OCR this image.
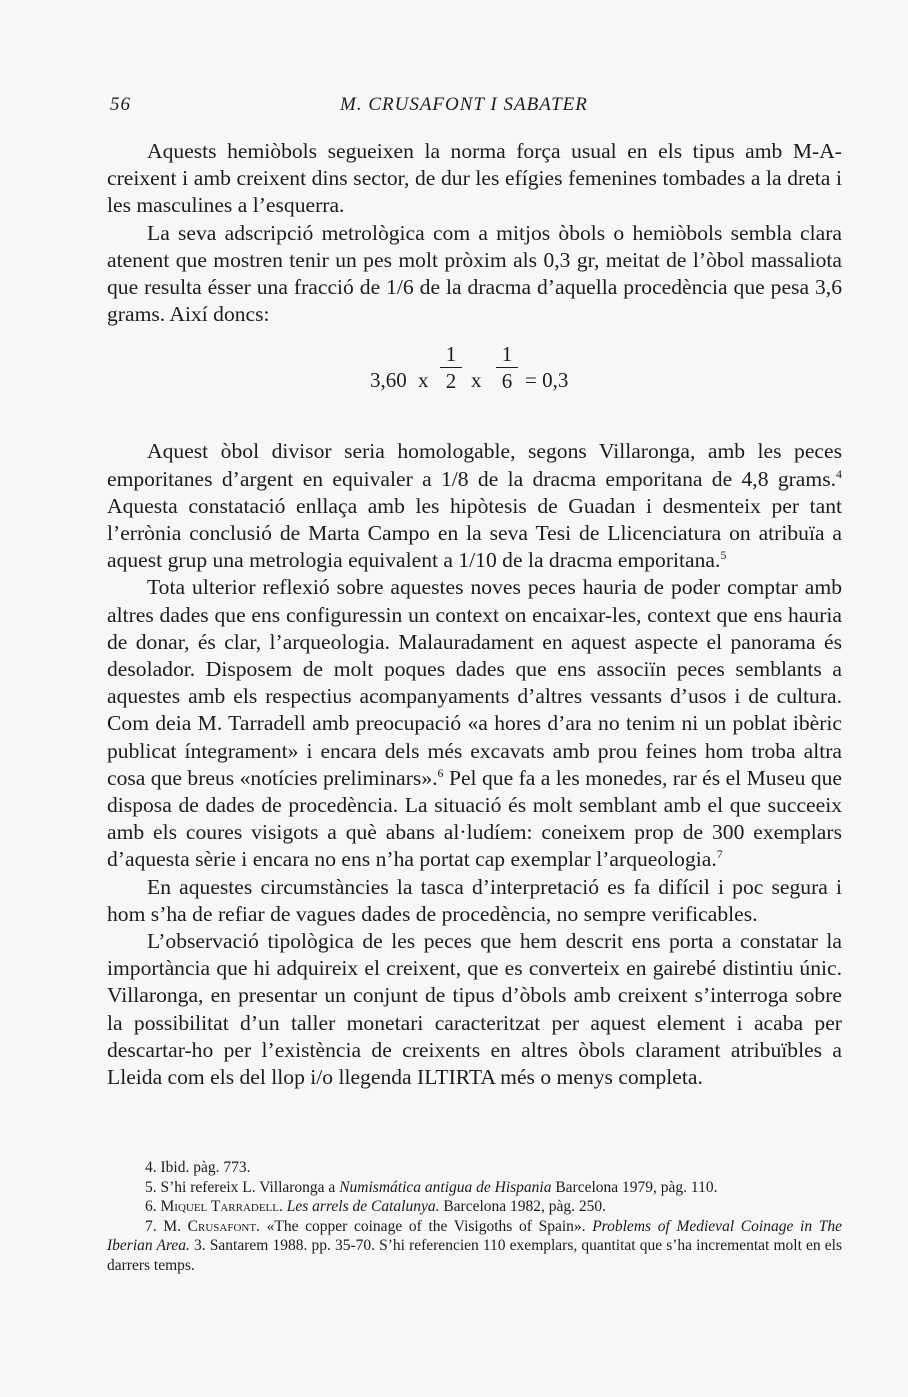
56	M. CRUSAFONT I SABATER

Aquests hemiòbols segueixen la norma força usual en els tipus amb M-A-creixent i amb creixent dins sector, de dur les efígies femenines tombades a la dreta i les masculines a l’esquerra.

La seva adscripció metrològica com a mitjos òbols o hemiòbols sembla clara atenent que mostren tenir un pes molt pròxim als 0,3 gr, meitat de l’òbol massaliota que resulta ésser una fracció de 1/6 de la dracma d’aquella procedència que pesa 3,6 grams. Així doncs:

3,60 x
1
2 x
1
6 = 0,3

Aquest òbol divisor seria homologable, segons Villaronga, amb les peces emporitanes d’argent en equivaler a 1/8 de la dracma emporitana de 4,8 grams.$^4$ Aquesta constatació enllaça amb les hipòtesis de Guadan i desmenteix per tant l’errònia conclusió de Marta Campo en la seva Tesi de Llicenciatura on atribuïa a aquest grup una metrologia equivalent a 1/10 de la dracma emporitana.$^5$

Tota ulterior reflexió sobre aquestes noves peces hauria de poder comptar amb altres dades que ens configuressin un context on encaixar-les, context que ens hauria de donar, és clar, l’arqueologia. Malauradament en aquest aspecte el panorama és desolador. Disposem de molt poques dades que ens associïn peces semblants a aquestes amb els respectius acompanyaments d’altres vessants d’usos i de cultura. Com deia M. Tarradell amb preocupació «a hores d’ara no tenim ni un poblat ibèric publicat íntegrament» i encara dels més excavats amb prou feines hom troba altra cosa que breus «notícies preliminars».$^6$ Pel que fa a les monedes, rar és el Museu que disposa de dades de procedència. La situació és molt semblant amb el que succeeix amb els coures visigots a què abans al·ludíem: coneixem prop de 300 exemplars d’aquesta sèrie i encara no ens n’ha portat cap exemplar l’arqueologia.$^7$

En aquestes circumstàncies la tasca d’interpretació es fa difícil i poc segura i hom s’ha de refiar de vagues dades de procedència, no sempre verificables.

L’observació tipològica de les peces que hem descrit ens porta a constatar la importància que hi adquireix el creixent, que es converteix en gairebé distintiu únic. Villaronga, en presentar un conjunt de tipus d’òbols amb creixent s’interroga sobre la possibilitat d’un taller monetari caracteritzat per aquest element i acaba per descartar-ho per l’existència de creixents en altres òbols clarament atribuïbles a Lleida com els del llop i/o llegenda ILTIRTA més o menys completa.

4. Ibid. pàg. 773.

5. S’hi refereix L. Villaronga a Numismática antigua de Hispania Barcelona 1979, pàg. 110.

6. Miquel Tarradell. Les arrels de Catalunya. Barcelona 1982, pàg. 250.

7. M. Crusafont. «The copper coinage of the Visigoths of Spain». Problems of Medieval Coinage in The Iberian Area. 3. Santarem 1988. pp. 35-70. S’hi referencien 110 exemplars, quantitat que s’ha incrementat molt en els darrers temps.
